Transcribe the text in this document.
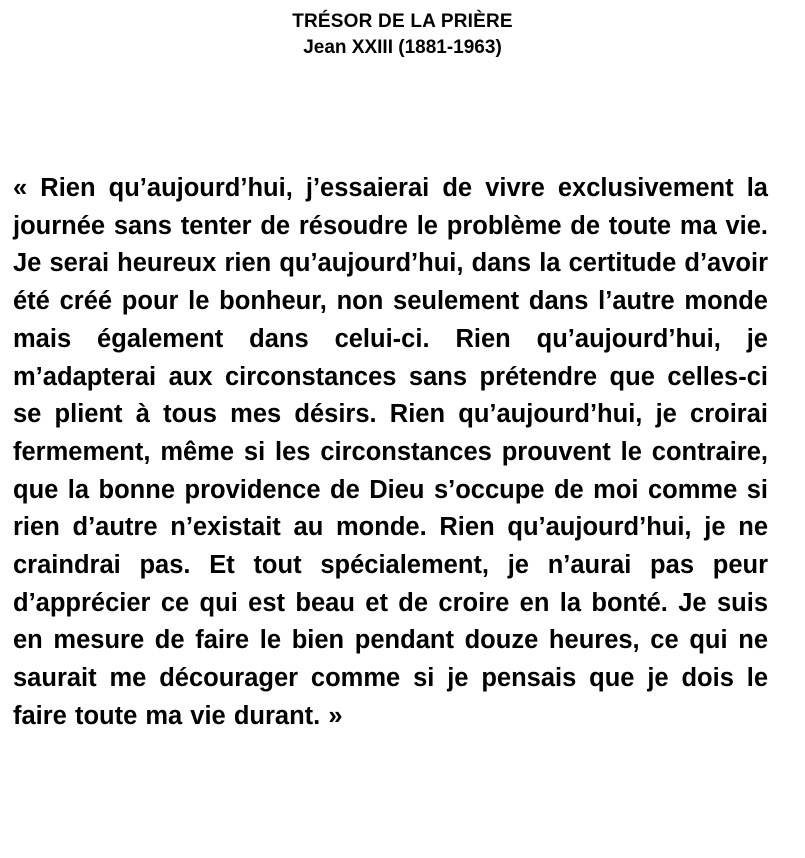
TRÉSOR DE LA PRIÈRE
Jean XXIII (1881-1963)

« Rien qu’aujourd’hui, j’essaierai de vivre exclusivement la journée sans tenter de résoudre le problème de toute ma vie. Je serai heureux rien qu’aujourd’hui, dans la certitude d’avoir été créé pour le bonheur, non seulement dans l’autre monde mais également dans celui-ci. Rien qu’aujourd’hui, je m’adapterai aux circonstances sans prétendre que celles-ci se plient à tous mes désirs. Rien qu’aujourd’hui, je croirai fermement, même si les circonstances prouvent le contraire, que la bonne providence de Dieu s’occupe de moi comme si rien d’autre n’existait au monde. Rien qu’aujourd’hui, je ne craindrai pas. Et tout spécialement, je n’aurai pas peur d’apprécier ce qui est beau et de croire en la bonté. Je suis en mesure de faire le bien pendant douze heures, ce qui ne saurait me décourager comme si je pensais que je dois le faire toute ma vie durant. »
